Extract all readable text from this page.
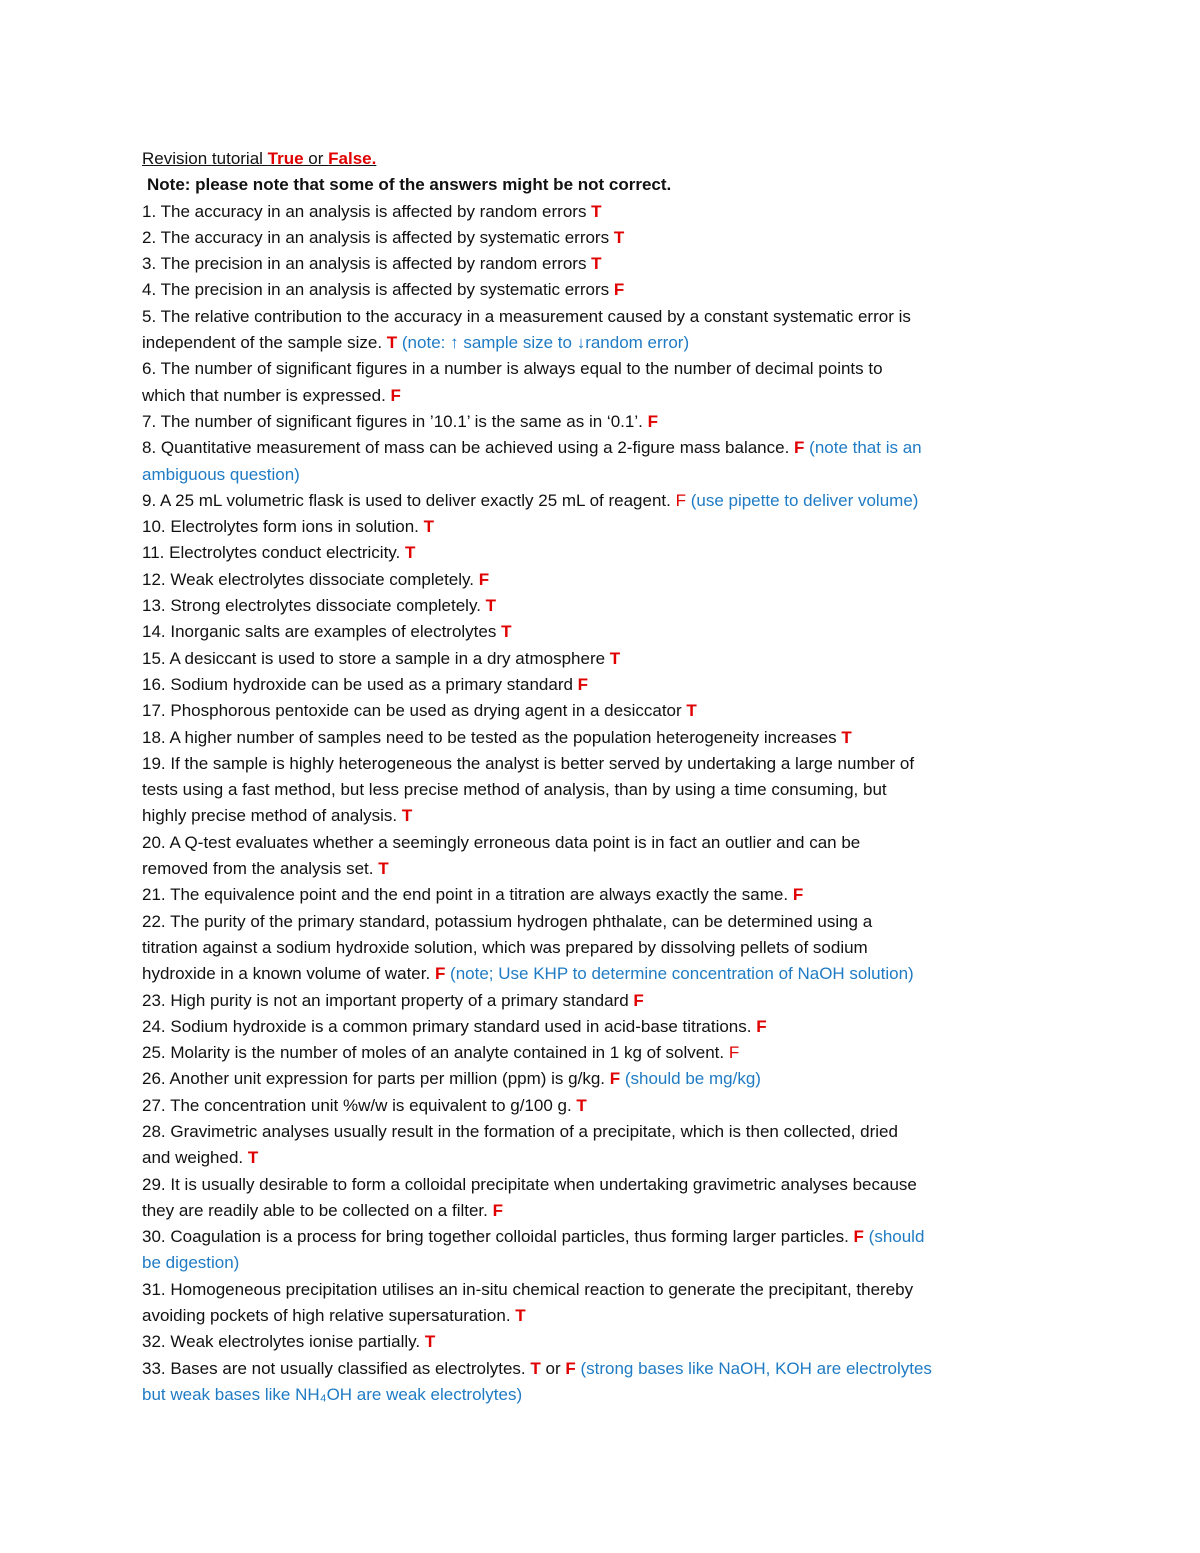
Revision tutorial True or False.
Note: please note that some of the answers might be not correct.
1. The accuracy in an analysis is affected by random errors T
2. The accuracy in an analysis is affected by systematic errors T
3. The precision in an analysis is affected by random errors T
4. The precision in an analysis is affected by systematic errors F
5. The relative contribution to the accuracy in a measurement caused by a constant systematic error is
independent of the sample size. T (note: ↑ sample size to ↓random error)
6. The number of significant figures in a number is always equal to the number of decimal points to
which that number is expressed. F
7. The number of significant figures in ’10.1’ is the same as in ‘0.1’. F
8. Quantitative measurement of mass can be achieved using a 2-figure mass balance. F (note that is an
ambiguous question)
9. A 25 mL volumetric flask is used to deliver exactly 25 mL of reagent. F (use pipette to deliver volume)
10. Electrolytes form ions in solution. T
11. Electrolytes conduct electricity. T
12. Weak electrolytes dissociate completely. F
13. Strong electrolytes dissociate completely. T
14. Inorganic salts are examples of electrolytes T
15. A desiccant is used to store a sample in a dry atmosphere T
16. Sodium hydroxide can be used as a primary standard F
17. Phosphorous pentoxide can be used as drying agent in a desiccator T
18. A higher number of samples need to be tested as the population heterogeneity increases T
19. If the sample is highly heterogeneous the analyst is better served by undertaking a large number of
tests using a fast method, but less precise method of analysis, than by using a time consuming, but
highly precise method of analysis. T
20. A Q-test evaluates whether a seemingly erroneous data point is in fact an outlier and can be
removed from the analysis set. T
21. The equivalence point and the end point in a titration are always exactly the same. F
22. The purity of the primary standard, potassium hydrogen phthalate, can be determined using a
titration against a sodium hydroxide solution, which was prepared by dissolving pellets of sodium
hydroxide in a known volume of water. F (note; Use KHP to determine concentration of NaOH solution)
23. High purity is not an important property of a primary standard F
24. Sodium hydroxide is a common primary standard used in acid-base titrations. F
25. Molarity is the number of moles of an analyte contained in 1 kg of solvent. F
26. Another unit expression for parts per million (ppm) is g/kg. F (should be mg/kg)
27. The concentration unit %w/w is equivalent to g/100 g. T
28. Gravimetric analyses usually result in the formation of a precipitate, which is then collected, dried
and weighed. T
29. It is usually desirable to form a colloidal precipitate when undertaking gravimetric analyses because
they are readily able to be collected on a filter. F
30. Coagulation is a process for bring together colloidal particles, thus forming larger particles. F (should
be digestion)
31. Homogeneous precipitation utilises an in-situ chemical reaction to generate the precipitant, thereby
avoiding pockets of high relative supersaturation. T
32. Weak electrolytes ionise partially. T
33. Bases are not usually classified as electrolytes. T or F (strong bases like NaOH, KOH are electrolytes
but weak bases like NH₄OH are weak electrolytes)
